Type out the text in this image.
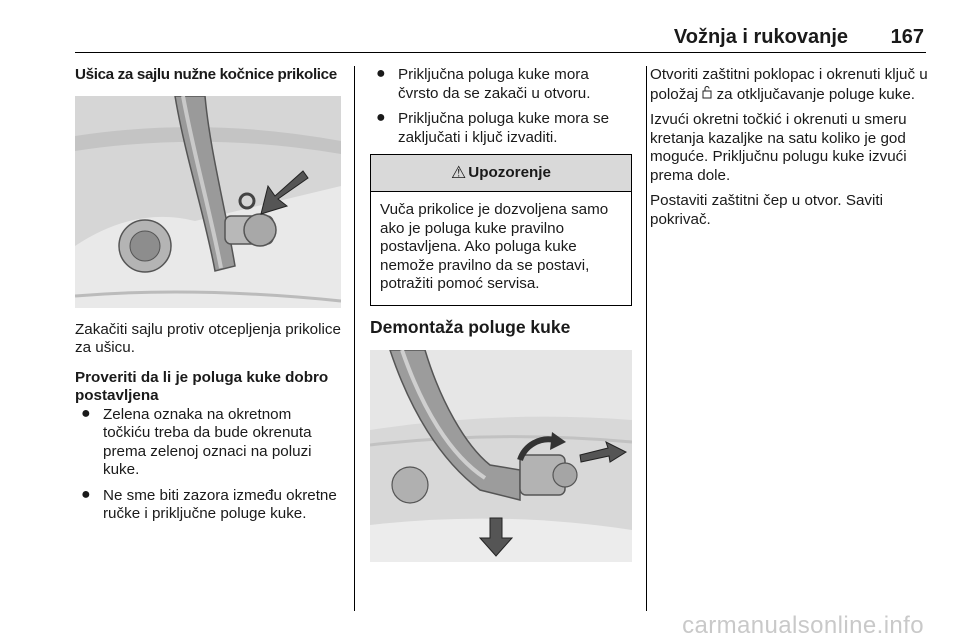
Vožnja i rukovanje 167
Ušica za sajlu nužne kočnice prikolice

Zakačiti sajlu protiv otcepljenja prikolice za ušicu.

Proveriti da li je poluga kuke dobro postavljena
● Zelena oznaka na okretnom točkiću treba da bude okrenuta prema zelenoj oznaci na poluzi kuke.
● Ne sme biti zazora između okretne ručke i priključne poluge kuke.
● Priključna poluga kuke mora čvrsto da se zakači u otvoru.
● Priključna poluga kuke mora se zaključati i ključ izvaditi.
⚠ Upozorenje
Vuča prikolice je dozvoljena samo ako je poluga kuke pravilno postavljena. Ako poluga kuke nemože pravilno da se postavi, potražiti pomoć servisa.
Demontaža poluge kuke

Otvoriti zaštitni poklopac i okrenuti ključ u položaj  za otključavanje poluge kuke.

Izvući okretni točkić i okrenuti u smeru kretanja kazaljke na satu koliko je god moguće. Priključnu polugu kuke izvući prema dole.

Postaviti zaštitni čep u otvor. Saviti pokrivač.

carmanualsonline.info
